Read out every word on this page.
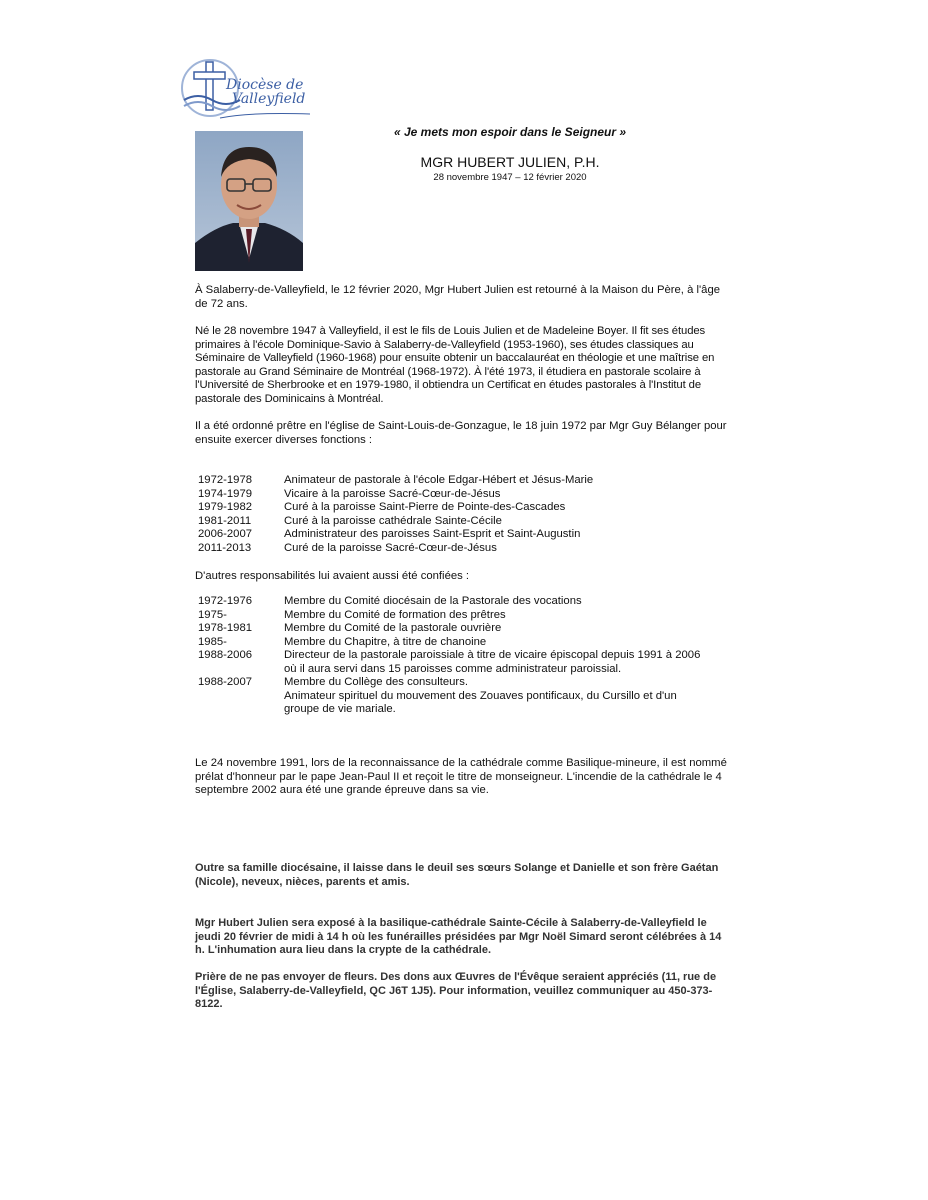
Diocèse de
Valleyfield
« Je mets mon espoir dans le Seigneur »
MGR HUBERT JULIEN, P.H.
28 novembre 1947 – 12 février 2020
À Salaberry-de-Valleyfield, le 12 février 2020, Mgr Hubert Julien est retourné à la Maison du Père, à l'âge de 72 ans.
Né le 28 novembre 1947 à Valleyfield, il est le fils de Louis Julien et de Madeleine Boyer. Il fit ses études primaires à l'école Dominique-Savio à Salaberry-de-Valleyfield (1953-1960), ses études classiques au Séminaire de Valleyfield (1960-1968) pour ensuite obtenir un baccalauréat en théologie et une maîtrise en pastorale au Grand Séminaire de Montréal (1968-1972). À l'été 1973, il étudiera en pastorale scolaire à l'Université de Sherbrooke et en 1979-1980, il obtiendra un Certificat en études pastorales à l'Institut de pastorale des Dominicains à Montréal.
Il a été ordonné prêtre en l'église de Saint-Louis-de-Gonzague, le 18 juin 1972 par Mgr Guy Bélanger pour ensuite exercer diverses fonctions :
1972-1978	Animateur de pastorale à l'école Edgar-Hébert et Jésus-Marie
1974-1979	Vicaire à la paroisse Sacré-Cœur-de-Jésus
1979-1982	Curé à la paroisse Saint-Pierre de Pointe-des-Cascades
1981-2011	Curé à la paroisse cathédrale Sainte-Cécile
2006-2007	Administrateur des paroisses Saint-Esprit et Saint-Augustin
2011-2013	Curé de la paroisse Sacré-Cœur-de-Jésus
D'autres responsabilités lui avaient aussi été confiées :
1972-1976	Membre du Comité diocésain de la Pastorale des vocations
1975-	Membre du Comité de formation des prêtres
1978-1981	Membre du Comité de la pastorale ouvrière
1985-	Membre du Chapitre, à titre de chanoine
1988-2006	Directeur de la pastorale paroissiale à titre de vicaire épiscopal depuis 1991 à 2006 où il aura servi dans 15 paroisses comme administrateur paroissial.
1988-2007	Membre du Collège des consulteurs.
Animateur spirituel du mouvement des Zouaves pontificaux, du Cursillo et d'un groupe de vie mariale.
Le 24 novembre 1991, lors de la reconnaissance de la cathédrale comme Basilique-mineure, il est nommé prélat d'honneur par le pape Jean-Paul II et reçoit le titre de monseigneur. L'incendie de la cathédrale le 4 septembre 2002 aura été une grande épreuve dans sa vie.
Outre sa famille diocésaine, il laisse dans le deuil ses sœurs Solange et Danielle et son frère Gaétan (Nicole), neveux, nièces, parents et amis.
Mgr Hubert Julien sera exposé à la basilique-cathédrale Sainte-Cécile à Salaberry-de-Valleyfield le jeudi 20 février de midi à 14 h où les funérailles présidées par Mgr Noël Simard seront célébrées à 14 h. L'inhumation aura lieu dans la crypte de la cathédrale.
Prière de ne pas envoyer de fleurs. Des dons aux Œuvres de l'Évêque seraient appréciés (11, rue de l'Église, Salaberry-de-Valleyfield, QC J6T 1J5). Pour information, veuillez communiquer au 450-373-8122.
